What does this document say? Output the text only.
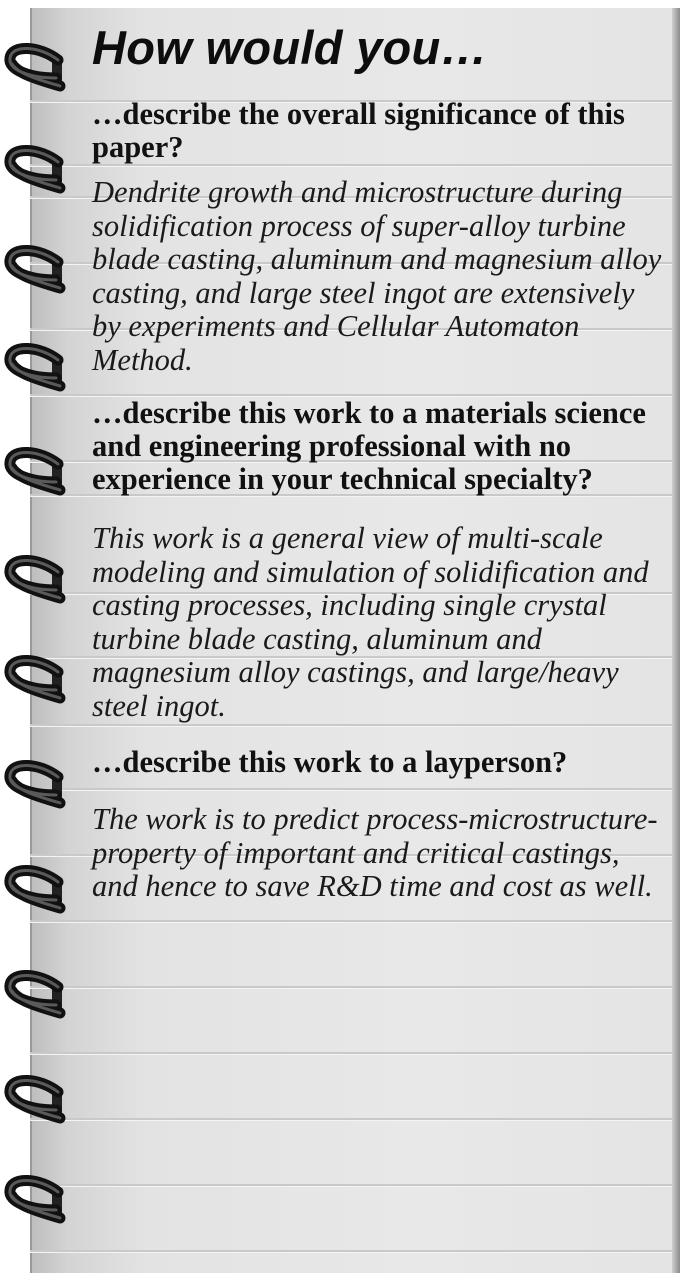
How would you…

…describe the overall significance of this paper?

Dendrite growth and microstructure during solidification process of super-alloy turbine blade casting, aluminum and magnesium alloy casting, and large steel ingot are extensively by experiments and Cellular Automaton Method.

…describe this work to a materials science and engineering professional with no experience in your technical specialty?

This work is a general view of multi-scale modeling and simulation of solidification and casting processes, including single crystal turbine blade casting, aluminum and magnesium alloy castings, and large/heavy steel ingot.

…describe this work to a layperson?

The work is to predict process-microstructure-property of important and critical castings, and hence to save R&D time and cost as well.
